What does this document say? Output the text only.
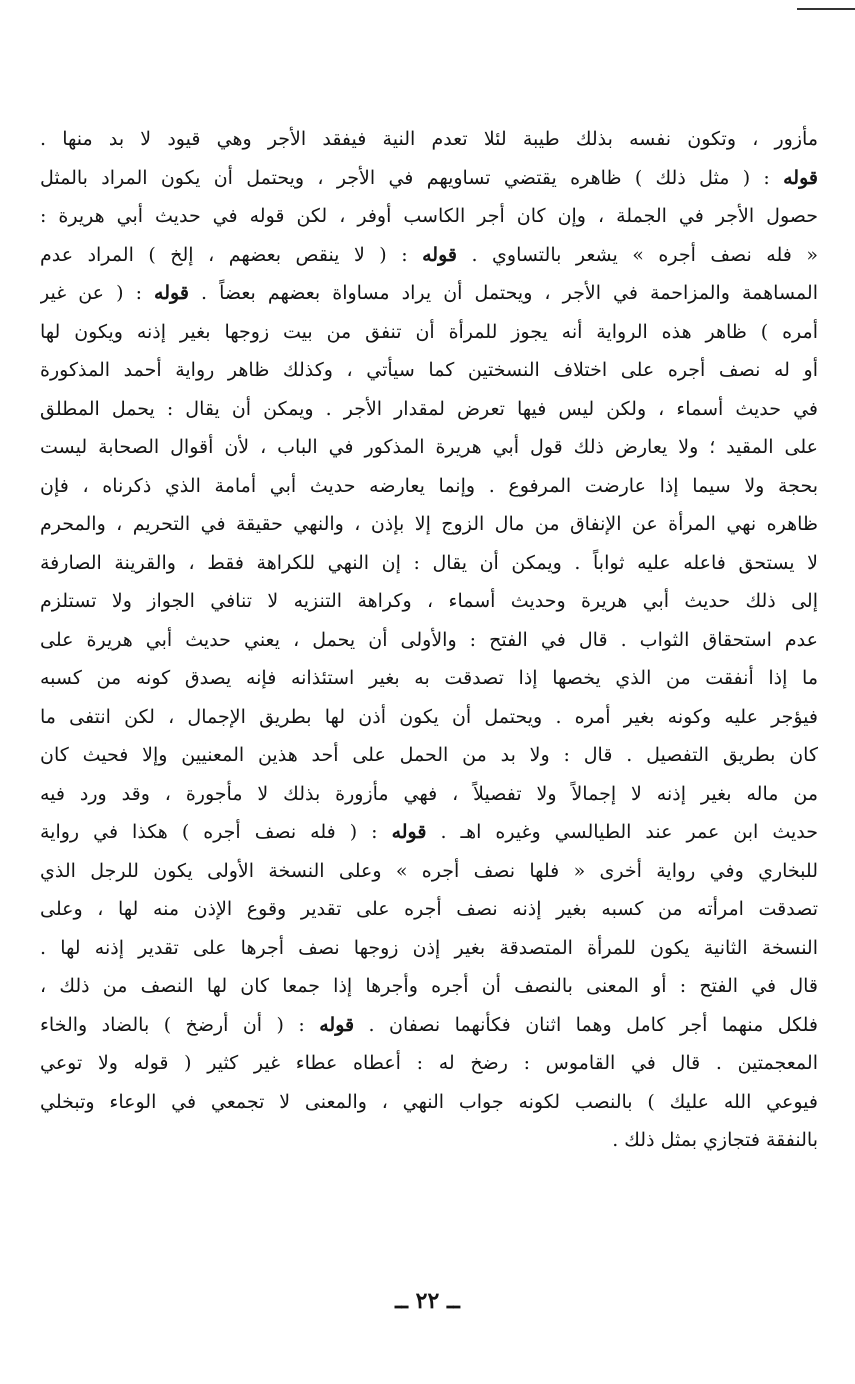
مأزور ، وتكون نفسه بذلك طيبة لئلا تعدم النية فيفقد الأجر وهي قيود لا بد منها .
قوله : ( مثل ذلك ) ظاهره يقتضي تساويهم في الأجر ، ويحتمل أن يكون المراد بالمثل
حصول الأجر في الجملة ، وإن كان أجر الكاسب أوفر ، لكن قوله في حديث أبي هريرة :
« فله نصف أجره » يشعر بالتساوي . قوله : ( لا ينقص بعضهم ، إلخ ) المراد عدم
المساهمة والمزاحمة في الأجر ، ويحتمل أن يراد مساواة بعضهم بعضاً . قوله : ( عن غير
أمره ) ظاهر هذه الرواية أنه يجوز للمرأة أن تنفق من بيت زوجها بغير إذنه ويكون لها
أو له نصف أجره على اختلاف النسختين كما سيأتي ، وكذلك ظاهر رواية أحمد المذكورة
في حديث أسماء ، ولكن ليس فيها تعرض لمقدار الأجر . ويمكن أن يقال : يحمل المطلق
على المقيد ؛ ولا يعارض ذلك قول أبي هريرة المذكور في الباب ، لأن أقوال الصحابة ليست
بحجة ولا سيما إذا عارضت المرفوع . وإنما يعارضه حديث أبي أمامة الذي ذكرناه ، فإن
ظاهره نهي المرأة عن الإنفاق من مال الزوج إلا بإذن ، والنهي حقيقة في التحريم ، والمحرم
لا يستحق فاعله عليه ثواباً . ويمكن أن يقال : إن النهي للكراهة فقط ، والقرينة الصارفة
إلى ذلك حديث أبي هريرة وحديث أسماء ، وكراهة التنزيه لا تنافي الجواز ولا تستلزم
عدم استحقاق الثواب . قال في الفتح : والأولى أن يحمل ، يعني حديث أبي هريرة على
ما إذا أنفقت من الذي يخصها إذا تصدقت به بغير استئذانه فإنه يصدق كونه من كسبه
فيؤجر عليه وكونه بغير أمره . ويحتمل أن يكون أذن لها بطريق الإجمال ، لكن انتفى ما
كان بطريق التفصيل . قال : ولا بد من الحمل على أحد هذين المعنيين وإلا فحيث كان
من ماله بغير إذنه لا إجمالاً ولا تفصيلاً ، فهي مأزورة بذلك لا مأجورة ، وقد ورد فيه
حديث ابن عمر عند الطيالسي وغيره اهـ . قوله : ( فله نصف أجره ) هكذا في رواية
للبخاري وفي رواية أخرى « فلها نصف أجره » وعلى النسخة الأولى يكون للرجل الذي
تصدقت امرأته من كسبه بغير إذنه نصف أجره على تقدير وقوع الإذن منه لها ، وعلى
النسخة الثانية يكون للمرأة المتصدقة بغير إذن زوجها نصف أجرها على تقدير إذنه لها .
قال في الفتح : أو المعنى بالنصف أن أجره وأجرها إذا جمعا كان لها النصف من ذلك ،
فلكل منهما أجر كامل وهما اثنان فكأنهما نصفان . قوله : ( أن أرضخ ) بالضاد والخاء
المعجمتين . قال في القاموس : رضخ له : أعطاه عطاء غير كثير ( قوله ولا توعي
فيوعي الله عليك ) بالنصب لكونه جواب النهي ، والمعنى لا تجمعي في الوعاء وتبخلي
بالنفقة فتجازي بمثل ذلك .
ــ ٢٢ ــ
